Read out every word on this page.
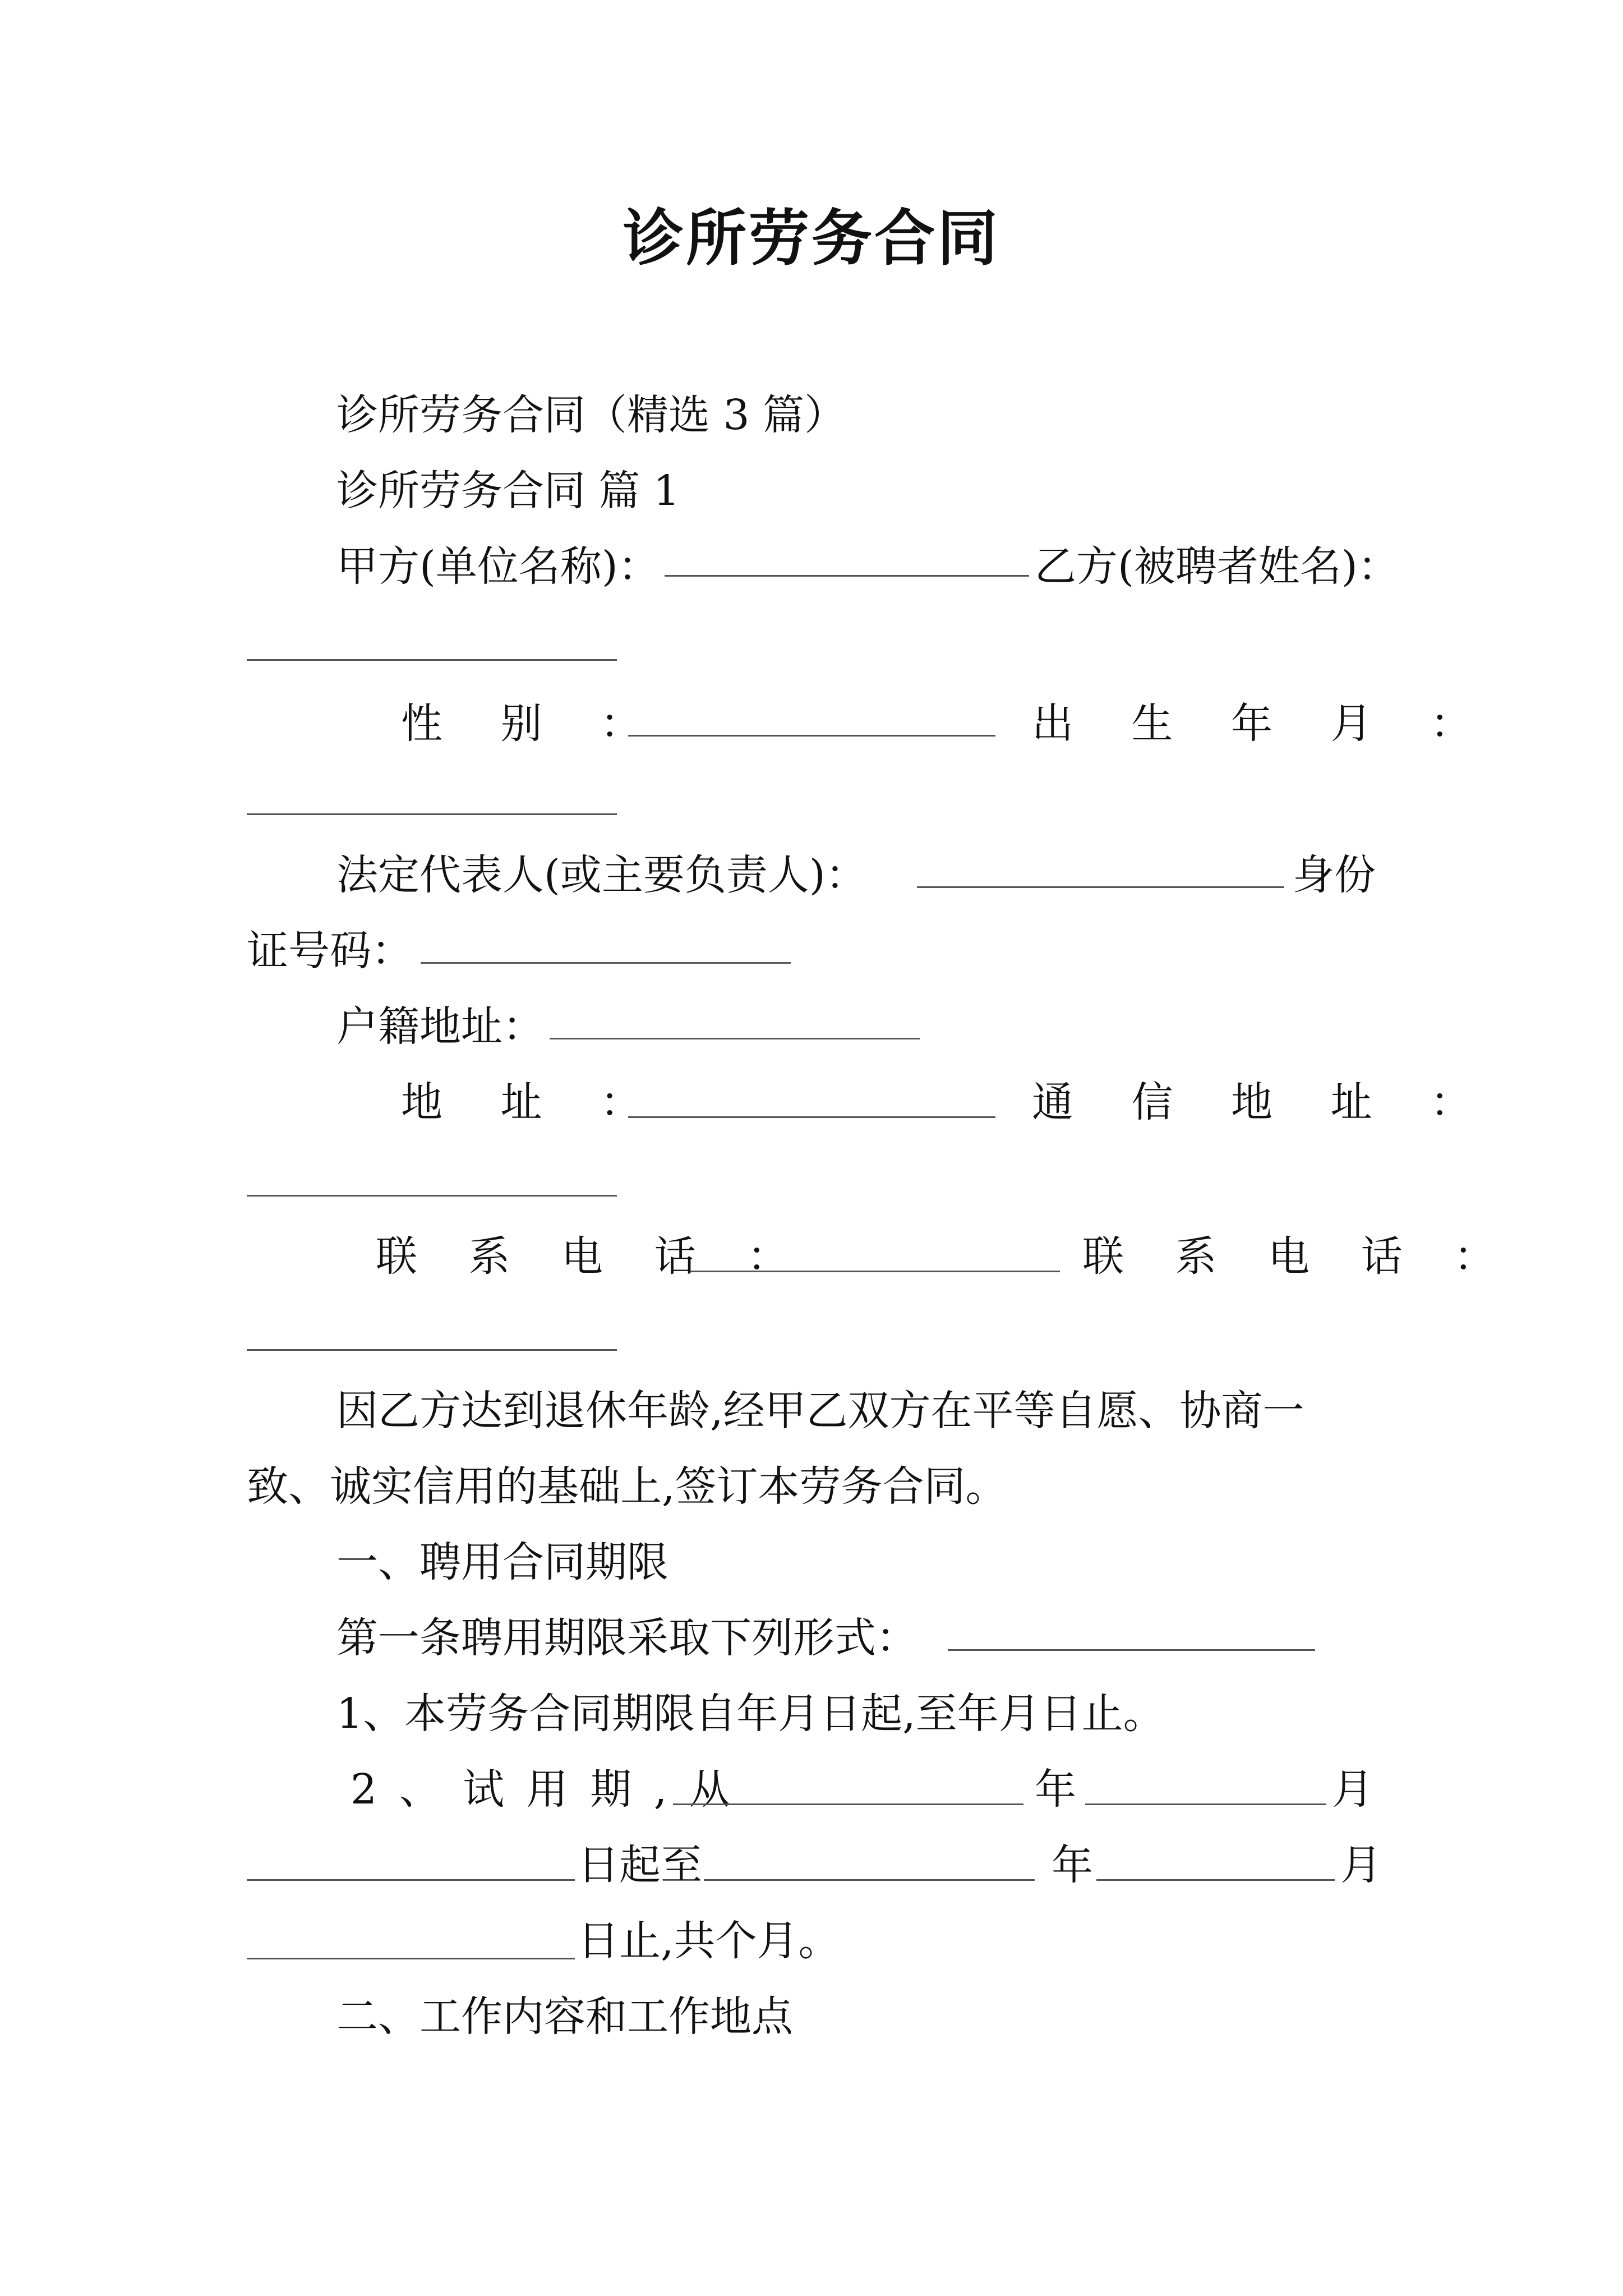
诊所劳务合同
诊所劳务合同（精选 3 篇）
诊所劳务合同 篇 1
甲方(单位名称)：	乙方(被聘者姓名)：
性 别 ：	出 生 年 月 ：
法定代表人(或主要负责人)：	身份
证号码：
户籍地址：
地 址 ：	通 信 地 址 ：
联 系 电 话 ：	联 系 电 话 ：
因乙方达到退休年龄,经甲乙双方在平等自愿、协商一
致、诚实信用的基础上,签订本劳务合同。
一、聘用合同期限
第一条聘用期限采取下列形式：
1、本劳务合同期限自年月日起,至年月日止。
2 、 试 用 期 , 从	年	月
日起至	年	月
日止,共个月。
二、工作内容和工作地点
